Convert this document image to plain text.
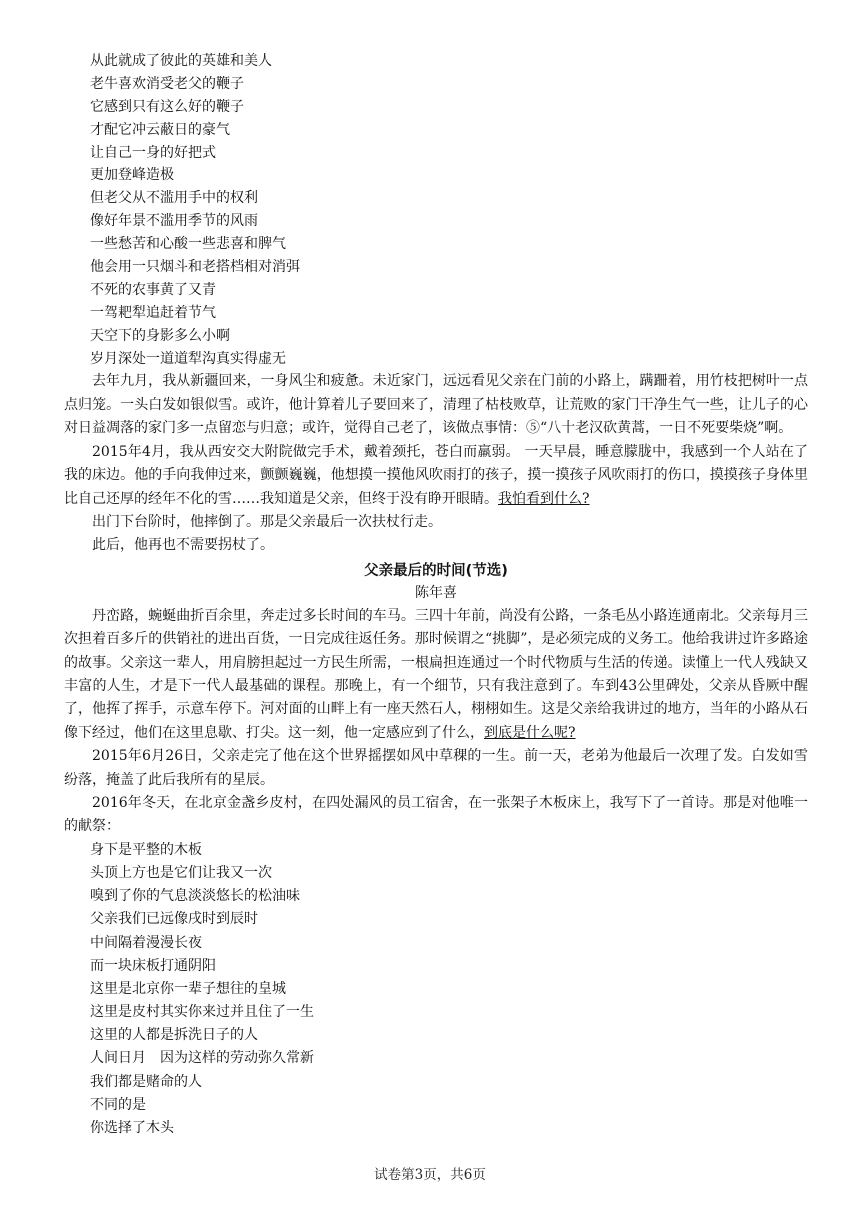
从此就成了彼此的英雄和美人

老牛喜欢消受老父的鞭子

它感到只有这么好的鞭子

才配它冲云蔽日的豪气

让自己一身的好把式

更加登峰造极

但老父从不滥用手中的权利

像好年景不滥用季节的风雨

一些愁苦和心酸一些悲喜和脾气

他会用一只烟斗和老搭档相对消弭

不死的农事黄了又青

一驾耙犁追赶着节气

天空下的身影多么小啊

岁月深处一道道犁沟真实得虚无

去年九月，我从新疆回来，一身风尘和疲惫。未近家门，远远看见父亲在门前的小路上，蹒跚着，用竹枝把树叶一点点归笼。一头白发如银似雪。或许，他计算着儿子要回来了，清理了枯枝败草，让荒败的家门干净生气一些，让儿子的心对日益凋落的家门多一点留恋与归意；或许，觉得自己老了，该做点事情：⑤“八十老汉砍黄蒿，一日不死要柴烧”啊。

2015年4月，我从西安交大附院做完手术，戴着颈托，苍白而羸弱。 一天早晨，睡意朦胧中，我感到一个人站在了我的床边。他的手向我伸过来，颤颤巍巍，他想摸一摸他风吹雨打的孩子，摸一摸孩子风吹雨打的伤口，摸摸孩子身体里比自己还厚的经年不化的雪……我知道是父亲，但终于没有睁开眼睛。我怕看到什么?

出门下台阶时，他摔倒了。那是父亲最后一次扶杖行走。

此后，他再也不需要拐杖了。

父亲最后的时间(节选)

陈年喜

丹峦路，蜿蜒曲折百余里，奔走过多长时间的车马。三四十年前，尚没有公路，一条毛丛小路连通南北。父亲每月三次担着百多斤的供销社的进出百货，一日完成往返任务。那时候谓之“挑脚”，是必须完成的义务工。他给我讲过许多路途的故事。父亲这一辈人，用肩膀担起过一方民生所需，一根扁担连通过一个时代物质与生活的传递。读懂上一代人残缺又丰富的人生，才是下一代人最基础的课程。那晚上，有一个细节，只有我注意到了。车到43公里碑处，父亲从昏厥中醒了，他挥了挥手，示意车停下。河对面的山畔上有一座天然石人，栩栩如生。这是父亲给我讲过的地方，当年的小路从石像下经过，他们在这里息歇、打尖。这一刻，他一定感应到了什么，到底是什么呢?

2015年6月26日，父亲走完了他在这个世界摇摆如风中草稞的一生。前一天，老弟为他最后一次理了发。白发如雪纷落，掩盖了此后我所有的星辰。

2016年冬天，在北京金盏乡皮村，在四处漏风的员工宿舍，在一张架子木板床上，我写下了一首诗。那是对他唯一的献祭：

身下是平整的木板

头顶上方也是它们让我又一次

嗅到了你的气息淡淡悠长的松油味

父亲我们已远像戌时到辰时

中间隔着漫漫长夜

而一块床板打通阴阳

这里是北京你一辈子想往的皇城

这里是皮村其实你来过并且住了一生

这里的人都是拆洗日子的人

人间日月　因为这样的劳动弥久常新

我们都是赌命的人

不同的是

你选择了木头

试卷第3页，共6页
